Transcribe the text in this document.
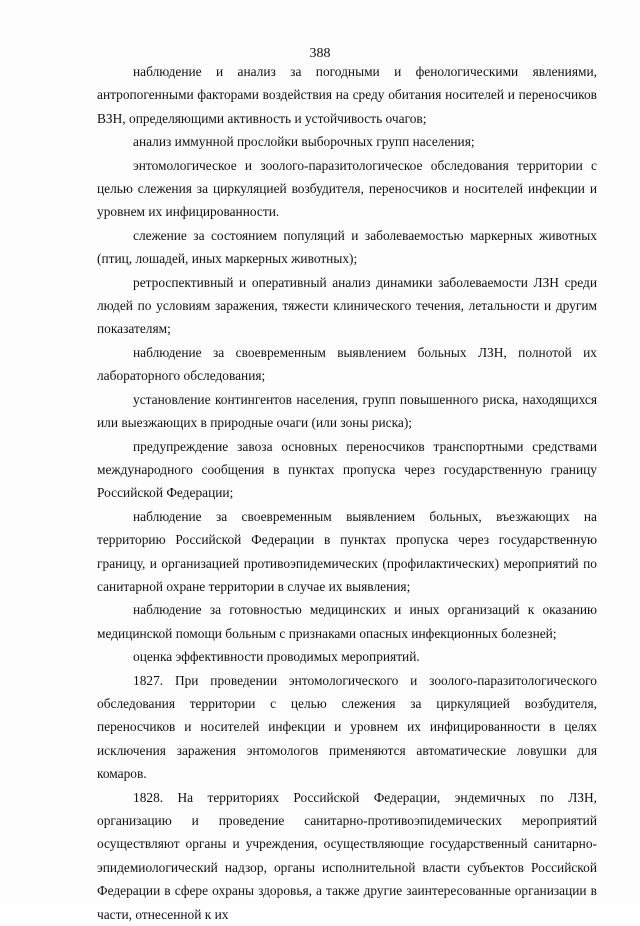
388

наблюдение и анализ за погодными и фенологическими явлениями, антропогенными факторами воздействия на среду обитания носителей и переносчиков ВЗН, определяющими активность и устойчивость очагов;

анализ иммунной прослойки выборочных групп населения;

энтомологическое и зоолого-паразитологическое обследования территории с целью слежения за циркуляцией возбудителя, переносчиков и носителей инфекции и уровнем их инфицированности.

слежение за состоянием популяций и заболеваемостью маркерных животных (птиц, лошадей, иных маркерных животных);

ретроспективный и оперативный анализ динамики заболеваемости ЛЗН среди людей по условиям заражения, тяжести клинического течения, летальности и другим показателям;

наблюдение за своевременным выявлением больных ЛЗН, полнотой их лабораторного обследования;

установление контингентов населения, групп повышенного риска, находящихся или выезжающих в природные очаги (или зоны риска);

предупреждение завоза основных переносчиков транспортными средствами международного сообщения в пунктах пропуска через государственную границу Российской Федерации;

наблюдение за своевременным выявлением больных, въезжающих на территорию Российской Федерации в пунктах пропуска через государственную границу, и организацией противоэпидемических (профилактических) мероприятий по санитарной охране территории в случае их выявления;

наблюдение за готовностью медицинских и иных организаций к оказанию медицинской помощи больным с признаками опасных инфекционных болезней;

оценка эффективности проводимых мероприятий.

1827. При проведении энтомологического и зоолого-паразитологического обследования территории с целью слежения за циркуляцией возбудителя, переносчиков и носителей инфекции и уровнем их инфицированности в целях исключения заражения энтомологов применяются автоматические ловушки для комаров.

1828. На территориях Российской Федерации, эндемичных по ЛЗН, организацию и проведение санитарно-противоэпидемических мероприятий осуществляют органы и учреждения, осуществляющие государственный санитарно-эпидемиологический надзор, органы исполнительной власти субъектов Российской Федерации в сфере охраны здоровья, а также другие заинтересованные организации в части, отнесенной к их
